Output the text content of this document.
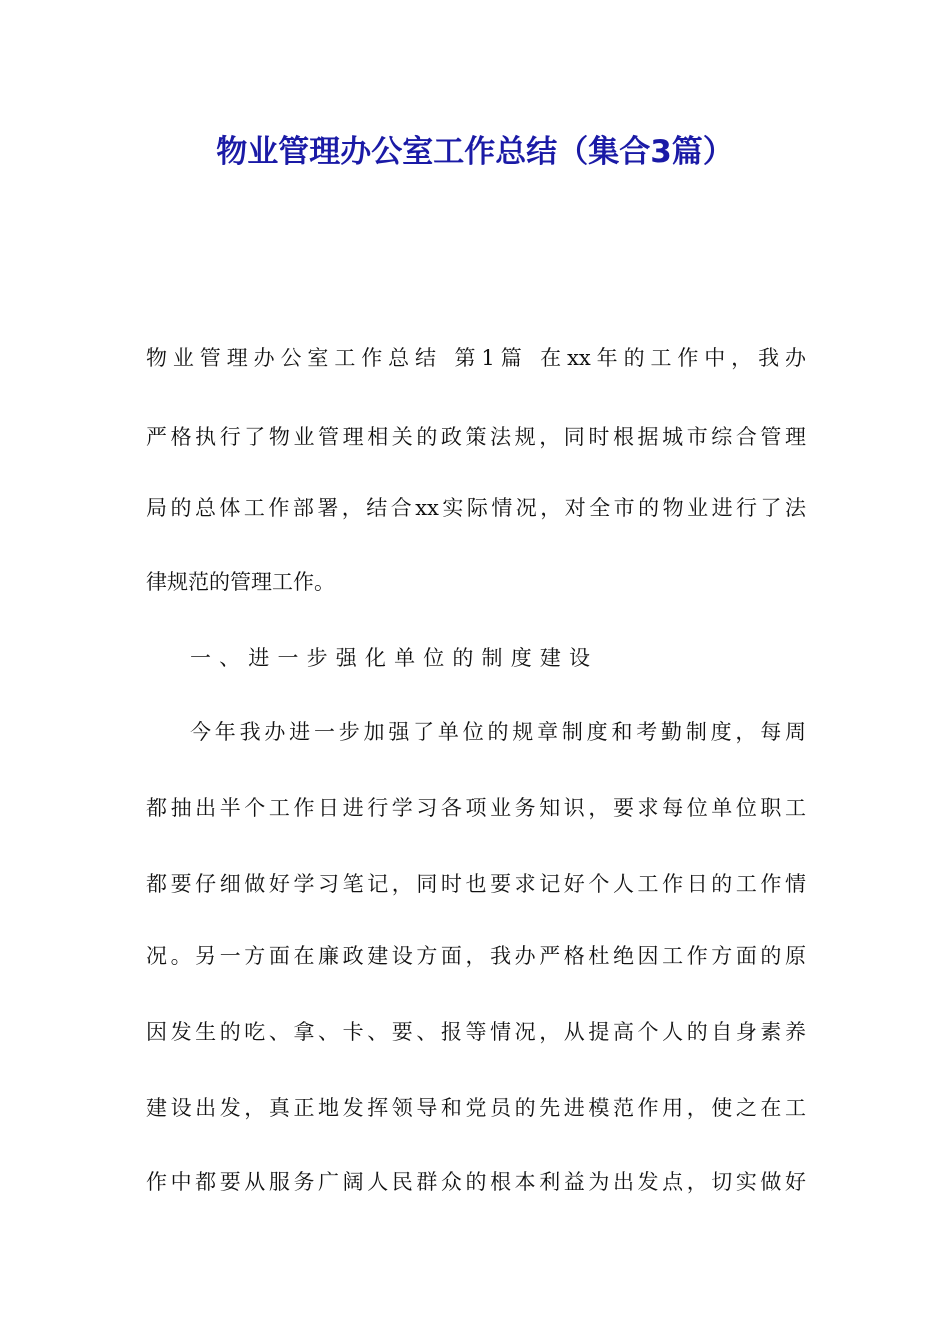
物业管理办公室工作总结（集合3篇）

物业管理办公室工作总结 第1篇 在xx年的工作中，我办

严格执行了物业管理相关的政策法规，同时根据城市综合管理

局的总体工作部署，结合xx实际情况，对全市的物业进行了法

律规范的管理工作。

一、进一步强化单位的制度建设

今年我办进一步加强了单位的规章制度和考勤制度，每周

都抽出半个工作日进行学习各项业务知识，要求每位单位职工

都要仔细做好学习笔记，同时也要求记好个人工作日的工作情

况。另一方面在廉政建设方面，我办严格杜绝因工作方面的原

因发生的吃、拿、卡、要、报等情况，从提高个人的自身素养

建设出发，真正地发挥领导和党员的先进模范作用，使之在工

作中都要从服务广阔人民群众的根本利益为出发点，切实做好
